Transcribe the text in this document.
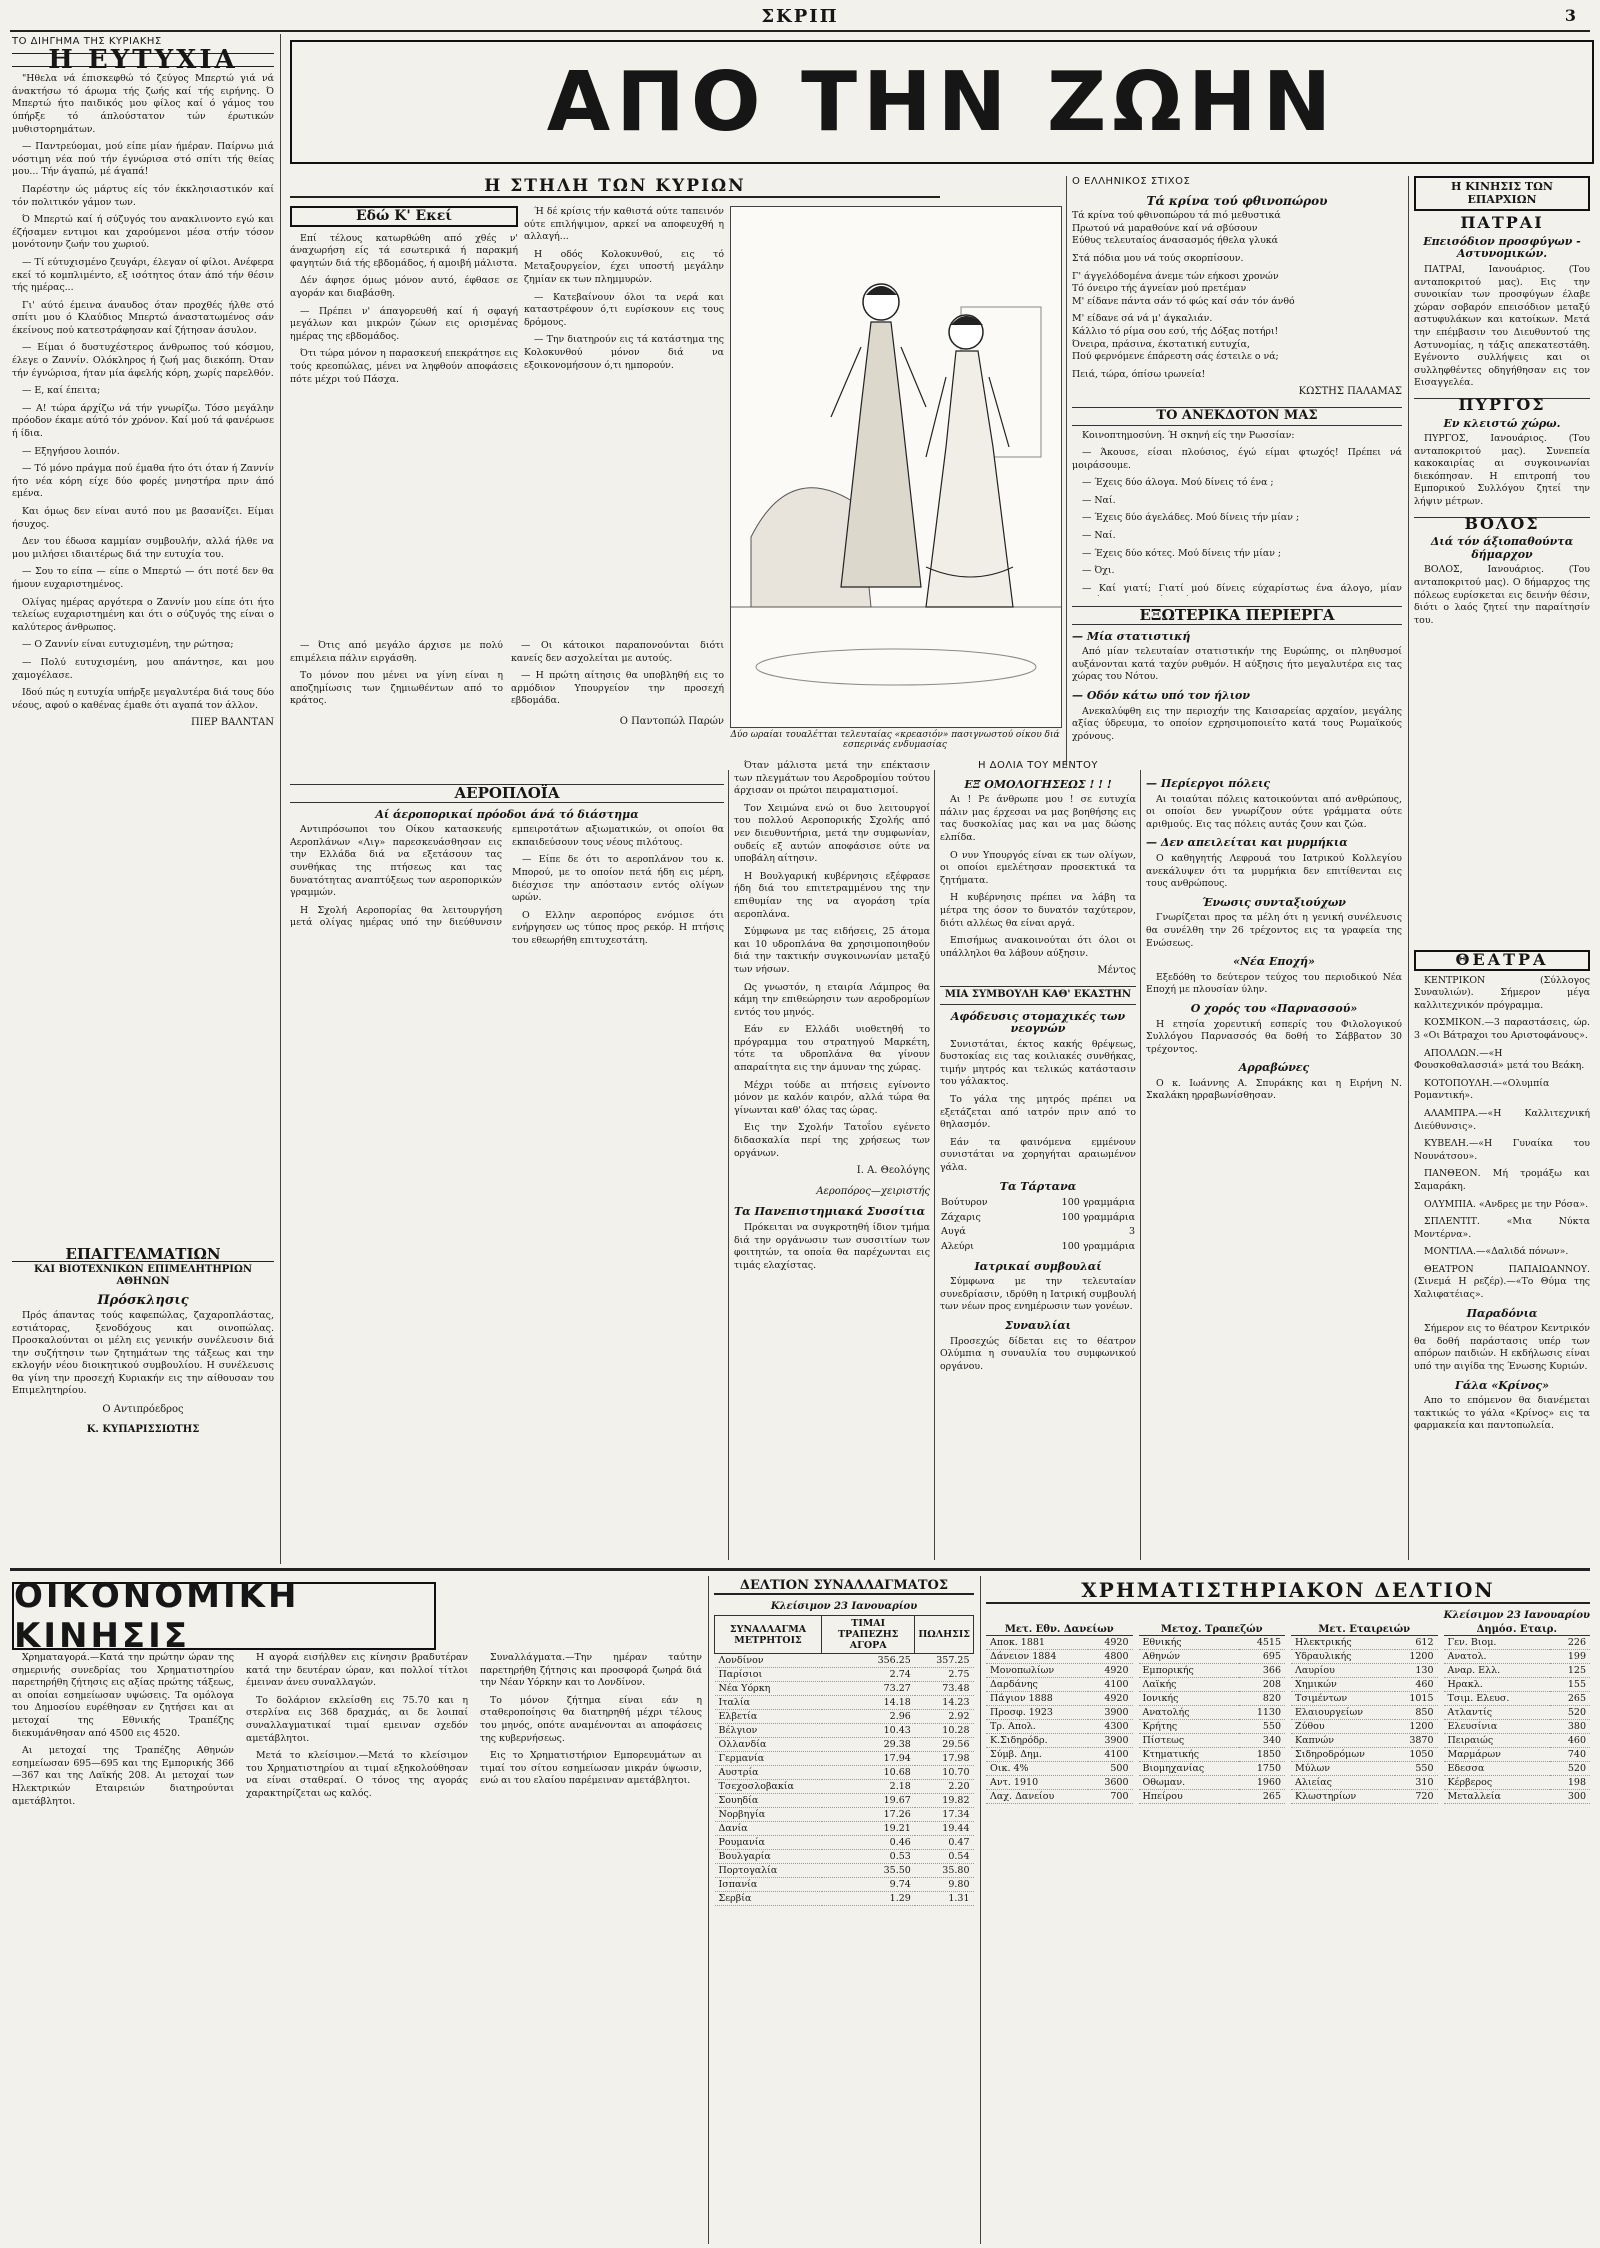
ΣΚΡΙΠ	3
ΤΟ ΔΙΗΓΗΜΑ ΤΗΣ ΚΥΡΙΑΚΗΣ
Η ΕΥΤΥΧΙΑ

"Ηθελα νά έπισκεφθώ τό ζεύγος Μπερτώ γιά νά άνακτήσω τό άρωμα τής ζωής καί τής ειρήνης. Ό Μπερτώ ήτο παιδικός μου φίλος καί ό γάμος του ύπήρξε τό άπλούστατον τών έρωτικών μυθιστορημάτων.

— Παντρεύομαι, μού είπε μίαν ήμέραν. Παίρνω μιά νόστιμη νέα πού τήν έγνώρισα στό σπίτι τής θείας μου... Τήν άγαπώ, μέ άγαπά!

Παρέστην ώς μάρτυς είς τόν έκκλησιαστικόν καί τόν πολιτικόν γάμον των.

Ό Μπερτώ καί ή σύζυγός του ανακλινοντο εγώ και έζήσαμεν εντιμοι και χαρούμενοι μέσα στήν τόσον μονότονην ζωήν του χωριού.

— Τί εύτυχισμένο ζευγάρι, έλεγαν οί φίλοι. Ανέφερα εκεί τό κομπλιμέντο, εξ ισότητος όταν άπό τήν θέσιν τής ημέρας...

Γι' αύτό έμεινα άναυδος όταν προχθές ήλθε στό σπίτι μου ό Κλαύδιος Μπερτώ άναστατωμένος σάν έκείνους πού κατεστράφησαν καί ζήτησαν άσυλον.

— Είμαι ό δυστυχέστερος άνθρωπος τού κόσμου, έλεγε ο Ζαννίν. Ολόκληρος ή ζωή μας διεκόπη. Όταν τήν έγνώρισα, ήταν μία άφελής κόρη, χωρίς παρελθόν.

— Ε, καί έπειτα;

— Α! τώρα άρχίζω νά τήν γνωρίζω. Τόσο μεγάλην πρόοδον έκαμε αύτό τόν χρόνον. Καί μού τά φανέρωσε ή ίδια.

— Εξηγήσου λοιπόν.

— Τό μόνο πράγμα πού έμαθα ήτο ότι όταν ή Ζαννίν ήτο νέα κόρη είχε δύο φορές μνηστήρα πριν άπό εμένα.

Και όμως δεν είναι αυτό που με βασανίζει. Είμαι ήσυχος.

Δεν του έδωσα καμμίαν συμβουλήν, αλλά ήλθε να μου μιλήσει ιδιαιτέρως διά την ευτυχία του.

— Σου το είπα — είπε ο Μπερτώ — ότι ποτέ δεν θα ήμουν ευχαριστημένος.

Ολίγας ημέρας αργότερα ο Ζαννίν μου είπε ότι ήτο τελείως ευχαριστημένη και ότι ο σύζυγός της είναι ο καλύτερος άνθρωπος.

— Ο Ζαννίν είναι ευτυχισμένη, την ρώτησα;

— Πολύ ευτυχισμένη, μου απάντησε, και μου χαμογέλασε.

Ιδού πώς η ευτυχία υπήρξε μεγαλυτέρα διά τους δύο νέους, αφού ο καθένας έμαθε ότι αγαπά τον άλλον.

ΠΙΕΡ ΒΑΛΝΤΑΝ
ΕΠΑΓΓΕΛΜΑΤΙΩΝ
ΚΑΙ ΒΙΟΤΕΧΝΙΚΩΝ ΕΠΙΜΕΛΗΤΗΡΙΩΝ ΑΘΗΝΩΝ
Πρόσκλησις
Πρός άπαντας τούς καφεπώλας, ζαχαροπλάστας, εστιάτορας, ξενοδόχους και οινοπώλας. Προσκαλούνται οι μέλη εις γενικήν συνέλευσιν διά την συζήτησιν των ζητημάτων της τάξεως και την εκλογήν νέου διοικητικού συμβουλίου. Η συνέλευσις θα γίνη την προσεχή Κυριακήν εις την αίθουσαν του Επιμελητηρίου.
Ο Αντιπρόεδρος
Κ. ΚΥΠΑΡΙΣΣΙΩΤΗΣ
ΑΠΟ ΤΗΝ ΖΩΗΝ
Η ΣΤΗΛΗ ΤΩΝ ΚΥΡΙΩΝ
Εδώ Κ' Εκεί

Επί τέλους κατωρθώθη από χθές ν' άναχωρήση είς τά εσωτερικά ή παρακμή φαγητών διά τής εβδομάδος, ή αμοιβή μάλιστα.

Δέν άφησε όμως μόνον αυτό, έφθασε σε αγοράν και διαβάσθη.

— Πρέπει ν' άπαγορευθή καί ή σφαγή μεγάλων και μικρών ζώων εις ορισμένας ημέρας της εβδομάδος.

Ότι τώρα μόνον η παρασκευή επεκράτησε εις τούς κρεοπώλας, μένει να ληφθούν αποφάσεις πότε μέχρι τού Πάσχα.

Ή δέ κρίσις τήν καθιστά ούτε ταπεινόν ούτε επιλήψιμον, αρκεί να αποφευχθή η αλλαγή...

Η οδός Κολοκυνθού, εις τό Μεταξουργείον, έχει υποστή μεγάλην ζημίαν εκ των πλημμυρών.

— Κατεβαίνουν όλοι τα νερά και καταστρέφουν ό,τι ευρίσκουν εις τους δρόμους.

— Την διατηρούν εις τά κατάστημα της Κολοκυνθού μόνον διά να εξοικονομήσουν ό,τι ημπορούν.

Δύο ωραίαι τουαλέτται τελευταίας «κρεασιόν» πασιγνωστού οίκου διά εσπερινάς ενδυμασίας

— Ότις από μεγάλο άρχισε με πολύ επιμέλεια πάλιν ειργάσθη.

Το μόνον που μένει να γίνη είναι η αποζημίωσις των ζημιωθέντων από το κράτος.

— Οι κάτοικοι παραπονούνται διότι κανείς δεν ασχολείται με αυτούς.

— Η πρώτη αίτησις θα υποβληθή εις το αρμόδιον Υπουργείον την προσεχή εβδομάδα.

Ο Παντοπώλ Παρών
ΑΕΡΟΠΛΟΪΑ
Αί άεροπορικαί πρόοδοι άνά τό διάστημα

Αντιπρόσωποι του Οίκου κατασκευής Αεροπλάνων «Λιγ» παρεσκευάσθησαν εις την Ελλάδα διά να εξετάσουν τας συνθήκας της πτήσεως και τας δυνατότητας αναπτύξεως των αεροπορικών γραμμών.

Η Σχολή Αεροπορίας θα λειτουργήση μετά ολίγας ημέρας υπό την διεύθυνσιν εμπειροτάτων αξιωματικών, οι οποίοι θα εκπαιδεύσουν τους νέους πιλότους.

— Είπε δε ότι το αεροπλάνον του κ. Μπορού, με το οποίον πετά ήδη εις μέρη, διέσχισε την απόστασιν εντός ολίγων ωρών.

Ο Ελλην αεροπόρος ενόμισε ότι ενήργησεν ως τύπος προς ρεκόρ. Η πτήσις του εθεωρήθη επιτυχεστάτη.

Όταν μάλιστα μετά την επέκτασιν των πλεγμάτων του Αεροδρομίου τούτου άρχισαν οι πρώτοι πειραματισμοί.

Τον Χειμώνα ενώ οι δυο λειτουργοί του πολλού Αεροπορικής Σχολής από νεν διευθυντήρια, μετά την συμφωνίαν, ουδείς εξ αυτών αποφάσισε ούτε να υποβάλη αίτησιν.

Η Βουλγαρική κυβέρνησις εξέφρασε ήδη διά του επιτετραμμένου της την επιθυμίαν της να αγοράση τρία αεροπλάνα.

Σύμφωνα με τας ειδήσεις, 25 άτομα και 10 υδροπλάνα θα χρησιμοποιηθούν διά την τακτικήν συγκοινωνίαν μεταξύ των νήσων.

Ως γνωστόν, η εταιρία Λάμπρος θα κάμη την επιθεώρησιν των αεροδρομίων εντός του μηνός.

Εάν εν Ελλάδι υιοθετηθή το πρόγραμμα του στρατηγού Μαρκέτη, τότε τα υδροπλάνα θα γίνουν απαραίτητα εις την άμυναν της χώρας.

Μέχρι τούδε αι πτήσεις εγίνοντο μόνον με καλόν καιρόν, αλλά τώρα θα γίνωνται καθ' όλας τας ώρας.

Εις την Σχολήν Τατοΐου εγένετο διδασκαλία περί της χρήσεως των οργάνων.

Ι. Α. Θεολόγης
Αεροπόρος—χειριστής
Τα Πανεπιστημιακά Συσσίτια

Πρόκειται να συγκροτηθή ίδιον τμήμα διά την οργάνωσιν των συσσιτίων των φοιτητών, τα οποία θα παρέχωνται εις τιμάς ελαχίστας.

Η ΔΟΛΙΑ ΤΟΥ ΜΕΝΤΟΥ
ΕΞ ΟΜΟΛΟΓΗΣΕΩΣ ! ! !

Αι ! Ρε άνθρωπε μου ! σε ευτυχία πάλιν μας έρχεσαι να μας βοηθήσης εις τας δυσκολίας μας και να μας δώσης ελπίδα.

Ο νυν Υπουργός είναι εκ των ολίγων, οι οποίοι εμελέτησαν προσεκτικά τα ζητήματα.

Η κυβέρνησις πρέπει να λάβη τα μέτρα της όσον το δυνατόν ταχύτερον, διότι αλλέως θα είναι αργά.

Επισήμως ανακοινούται ότι όλοι οι υπάλληλοι θα λάβουν αύξησιν.

Μέντος
ΜΙΑ ΣΥΜΒΟΥΛΗ ΚΑΘ' ΕΚΑΣΤΗΝ
Αφόδευσις στομαχικές των νεογνών

Συνιστάται, έκτος κακής θρέψεως, δυστοκίας εις τας κοιλιακές συνθήκας, τιμήν μητρός και τελικώς κατάστασιν του γάλακτος.

Το γάλα της μητρός πρέπει να εξετάζεται από ιατρόν πριν από το θηλασμόν.

Εάν τα φαινόμενα εμμένουν συνιστάται να χορηγήται αραιωμένον γάλα.

Τα Τάρτανα
Βούτυρον	100 γραμμάρια
Ζάχαρις	100 γραμμάρια
Αυγά	3
Αλεύρι	100 γραμμάρια
Ιατρικαί συμβουλαί

Σύμφωνα με την τελευταίαν συνεδρίασιν, ιδρύθη η Ιατρική συμβουλή των νέων προς ενημέρωσιν των γονέων.

Συναυλίαι

Προσεχώς δίδεται εις το θέατρον Ολύμπια η συναυλία του συμφωνικού οργάνου.

Ο ΕΛΛΗΝΙΚΟΣ ΣΤΙΧΟΣ
Τά κρίνα τού φθινοπώρου

Τά κρίνα τού φθινοπώρου τά πιό μεθυστικά
Πρωτού νά μαραθούνε καί νά σβύσουν
Εύθυς τελευταίος άνασασμός ήθελα γλυκά

Στά πόδια μου νά τούς σκορπίσουν.

Γ' άγγελόδομένα άνεμε τών εήκοσι χρονών
Τό όνειρο τής άγνείαν μού πρετέμαν
Μ' είδανε πάντα σάν τό φώς καί σάν τόν άνθό

Μ' είδανε σά νά μ' άγκαλιάν.
Κάλλιο τό ρίμα σου εσύ, τής Δόξας ποτήρι!
Όνειρα, πράσινα, έκστατική ευτυχία,
Πού φερνόμενε έπάρεστη σάς έστειλε ο νά;

Πειά, τώρα, όπίσω ιρωνεία!

ΚΩΣΤΗΣ ΠΑΛΑΜΑΣ
ΤΟ ΑΝΕΚΔΟΤΟΝ ΜΑΣ

Κοινοπτημοσύνη. Ή σκηνή είς την Ρωσσίαν:

— Άκουσε, είσαι πλούσιος, έγώ είμαι φτωχός! Πρέπει νά μοιράσουμε.

— Έχεις δύο άλογα. Μού δίνεις τό ένα ;

— Ναί.

— Έχεις δύο άγελάδες. Μού δίνεις τήν μίαν ;

— Ναί.

— Έχεις δύο κότες. Μού δίνεις τήν μίαν ;

— Όχι.

— Καί γιατί; Γιατί μού δίνεις εύχαρίστως ένα άλογο, μίαν

ΕΞΩΤΕΡΙΚΑ ΠΕΡΙΕΡΓΑ
— Μία στατιστική

Από μίαν τελευταίαν στατιστικήν της Ευρώπης, οι πληθυσμοί αυξάνονται κατά ταχύν ρυθμόν. Η αύξησις ήτο μεγαλυτέρα εις τας χώρας του Νότου.

— Οδόν κάτω υπό τον ήλιον

Ανεκαλύφθη εις την περιοχήν της Καισαρείας αρχαίον, μεγάλης αξίας ύδρευμα, το οποίον εχρησιμοποιείτο κατά τους Ρωμαϊκούς χρόνους.

— Περίεργοι πόλεις

Αι τοιαύται πόλεις κατοικούνται από ανθρώπους, οι οποίοι δεν γνωρίζουν ούτε γράμματα ούτε αριθμούς. Εις τας πόλεις αυτάς ζουν και ζώα.

— Δεν απειλείται και μυρμήκια

Ο καθηγητής Λεφρουά του Ιατρικού Κολλεγίου ανεκάλυψεν ότι τα μυρμήκια δεν επιτίθενται εις τους ανθρώπους.

Ένωσις συνταξιούχων

Γνωρίζεται προς τα μέλη ότι η γενική συνέλευσις θα συνέλθη την 26 τρέχοντος εις τα γραφεία της Ενώσεως.

«Νέα Εποχή»

Εξεδόθη το δεύτερον τεύχος του περιοδικού Νέα Εποχή με πλουσίαν ύλην.

Ο χορός του «Παρνασσού»

Η ετησία χορευτική εσπερίς του Φιλολογικού Συλλόγου Παρνασσός θα δοθή το Σάββατον 30 τρέχοντος.

Αρραβώνες

Ο κ. Ιωάννης Α. Σπυράκης και η Ειρήνη Ν. Σκαλάκη ηρραβωνίσθησαν.

Η ΚΙΝΗΣΙΣ ΤΩΝ ΕΠΑΡΧΙΩΝ
ΠΑΤΡΑΙ
Επεισόδιον προσφύγων - Αστυνομικών.

ΠΑΤΡΑΙ, Ιανουάριος. (Του ανταποκριτού μας). Εις την συνοικίαν των προσφύγων έλαβε χώραν σοβαρόν επεισόδιον μεταξύ αστυφυλάκων και κατοίκων. Μετά την επέμβασιν του Διευθυντού της Αστυνομίας, η τάξις απεκατεστάθη. Εγένοντο συλλήψεις και οι συλληφθέντες οδηγήθησαν εις τον Εισαγγελέα.

ΠΥΡΓΟΣ
Εν κλειστώ χώρω.

ΠΥΡΓΟΣ, Ιανουάριος. (Του ανταποκριτού μας). Συνεπεία κακοκαιρίας αι συγκοινωνίαι διεκόπησαν. Η επιτροπή του Εμπορικού Συλλόγου ζητεί την λήψιν μέτρων.

ΒΟΛΟΣ
Διά τόν άξιοπαθούντα δήμαρχον

ΒΟΛΟΣ, Ιανουάριος. (Του ανταποκριτού μας). Ο δήμαρχος της πόλεως ευρίσκεται εις δεινήν θέσιν, διότι ο λαός ζητεί την παραίτησίν του.

ΘΕΑΤΡΑ

ΚΕΝΤΡΙΚΟΝ (Σύλλογος Συναυλιών). Σήμερον μέγα καλλιτεχνικόν πρόγραμμα.

ΚΟΣΜΙΚΟΝ.—3 παραστάσεις, ώρ. 3 «Οι Βάτραχοι του Αριστοφάνους».

ΑΠΟΛΛΩΝ.—«Η Φουσκοθαλασσιά» μετά του Βεάκη.

ΚΟΤΟΠΟΥΛΗ.—«Ολυμπία Ρομαντική».

ΑΛΑΜΠΡΑ.—«Η Καλλιτεχνική Διεύθυνσις».

ΚΥΒΕΛΗ.—«Η Γυναίκα του Νουνάτσου».

ΠΑΝΘΕΟΝ. Μή τρομάξω και Σαμαράκη.

ΟΛΥΜΠΙΑ. «Ανδρες με την Ρόσα».

ΣΠΛΕΝΤΙΤ. «Μια Νύκτα Μοντέρνα».

ΜΟΝΤΙΛΑ.—«Δαλιδά πόνων».

ΘΕΑΤΡΟΝ ΠΑΠΑΙΩΑΝΝΟΥ. (Σινεμά Η ρεζέρ).—«Το Θύμα της Χαλιφατέιας».

Παραδόνια

Σήμερον εις το θέατρον Κεντρικόν θα δοθή παράστασις υπέρ των απόρων παιδιών. Η εκδήλωσις είναι υπό την αιγίδα της Ένωσης Κυριών.

Γάλα «Κρίνος»

Απο το επόμενον θα διανέμεται τακτικώς το γάλα «Κρίνος» εις τα φαρμακεία και παντοπωλεία.

ΟΙΚΟΝΟΜΙΚΗ ΚΙΝΗΣΙΣ

Χρηματαγορά.—Κατά την πρώτην ώραν της σημερινής συνεδρίας του Χρηματιστηρίου παρετηρήθη ζήτησις εις αξίας πρώτης τάξεως, αι οποίαι εσημείωσαν υψώσεις. Τα ομόλογα του Δημοσίου ευρέθησαν εν ζητήσει και αι μετοχαί της Εθνικής Τραπέζης διεκυμάνθησαν από 4500 εις 4520.

Αι μετοχαί της Τραπέζης Αθηνών εσημείωσαν 695—695 και της Εμπορικής 366—367 και της Λαϊκής 208. Αι μετοχαί των Ηλεκτρικών Εταιρειών διατηρούνται αμετάβλητοι.

Η αγορά εισήλθεν εις κίνησιν βραδυτέραν κατά την δευτέραν ώραν, και πολλοί τίτλοι έμειναν άνευ συναλλαγών.

Το δολάριον εκλείσθη εις 75.70 και η στερλίνα εις 368 δραχμάς, αι δε λοιπαί συναλλαγματικαί τιμαί εμειναν σχεδόν αμετάβλητοι.

Μετά το κλείσιμον.—Μετά το κλείσιμον του Χρηματιστηρίου αι τιμαί εξηκολούθησαν να είναι σταθεραί. Ο τόνος της αγοράς χαρακτηρίζεται ως καλός.

Συναλλάγματα.—Την ημέραν ταύτην παρετηρήθη ζήτησις και προσφορά ζωηρά διά την Νέαν Υόρκην και το Λονδίνον.

Το μόνον ζήτημα είναι εάν η σταθεροποίησις θα διατηρηθή μέχρι τέλους του μηνός, οπότε αναμένονται αι αποφάσεις της κυβερνήσεως.

Εις το Χρηματιστήριον Εμπορευμάτων αι τιμαί του σίτου εσημείωσαν μικράν ύψωσιν, ενώ αι του ελαίου παρέμειναν αμετάβλητοι.

ΔΕΛΤΙΟΝ ΣΥΝΑΛΛΑΓΜΑΤΟΣ
Κλείσιμον 23 Ιανουαρίου
ΣΥΝΑΛΛΑΓΜΑ ΜΕΤΡΗΤΟΙΣ	ΤΙΜΑΙ ΤΡΑΠΕΖΗΣ ΑΓΟΡΑ	ΠΩΛΗΣΙΣ
Λονδίνον	356.25	357.25
Παρίσιοι	2.74	2.75
Νέα Υόρκη	73.27	73.48
Ιταλία	14.18	14.23
Ελβετία	2.96	2.92
Βέλγιον	10.43	10.28
Ολλανδία	29.38	29.56
Γερμανία	17.94	17.98
Αυστρία	10.68	10.70
Τσεχοσλοβακία	2.18	2.20
Σουηδία	19.67	19.82
Νορβηγία	17.26	17.34
Δανία	19.21	19.44
Ρουμανία	0.46	0.47
Βουλγαρία	0.53	0.54
Πορτογαλία	35.50	35.80
Ισπανία	9.74	9.80
Σερβία	1.29	1.31
ΧΡΗΜΑΤΙΣΤΗΡΙΑΚΟΝ ΔΕΛΤΙΟΝ
Κλείσιμον 23 Ιανουαρίου
Μετ. Εθν. Δανείων
Αποκ. 1881	4920
Δάνειον 1884	4800
Μονοπωλίων	4920
Δαρδάνης	4100
Πάγιον 1888	4920
Προσφ. 1923	3900
Τρ. Απολ.	4300
Κ.Σιδηρόδρ.	3900
Σύμβ. Δημ.	4100
Οικ. 4%	500
Αντ. 1910	3600
Λαχ. Δανείου	700
Μετοχ. Τραπεζών
Εθνικής	4515
Αθηνών	695
Εμπορικής	366
Λαϊκής	208
Ιονικής	820
Ανατολής	1130
Κρήτης	550
Πίστεως	340
Κτηματικής	1850
Βιομηχανίας	1750
Οθωμαν.	1960
Ηπείρου	265
Μετ. Εταιρειών
Ηλεκτρικής	612
Υδραυλικής	1200
Λαυρίου	130
Χημικών	460
Τσιμέντων	1015
Ελαιουργείων	850
Ζύθου	1200
Καπνών	3870
Σιδηροδρόμων	1050
Μύλων	550
Αλιείας	310
Κλωστηρίων	720
Δημόσ. Εταιρ.
Γεν. Βιομ.	226
Ανατολ.	199
Αναρ. Ελλ.	125
Ηρακλ.	155
Τσιμ. Ελευσ.	265
Ατλαντίς	520
Ελευσίνια	380
Πειραιώς	460
Μαρμάρων	740
Εδεσσα	520
Κέρβερος	198
Μεταλλεία	300
